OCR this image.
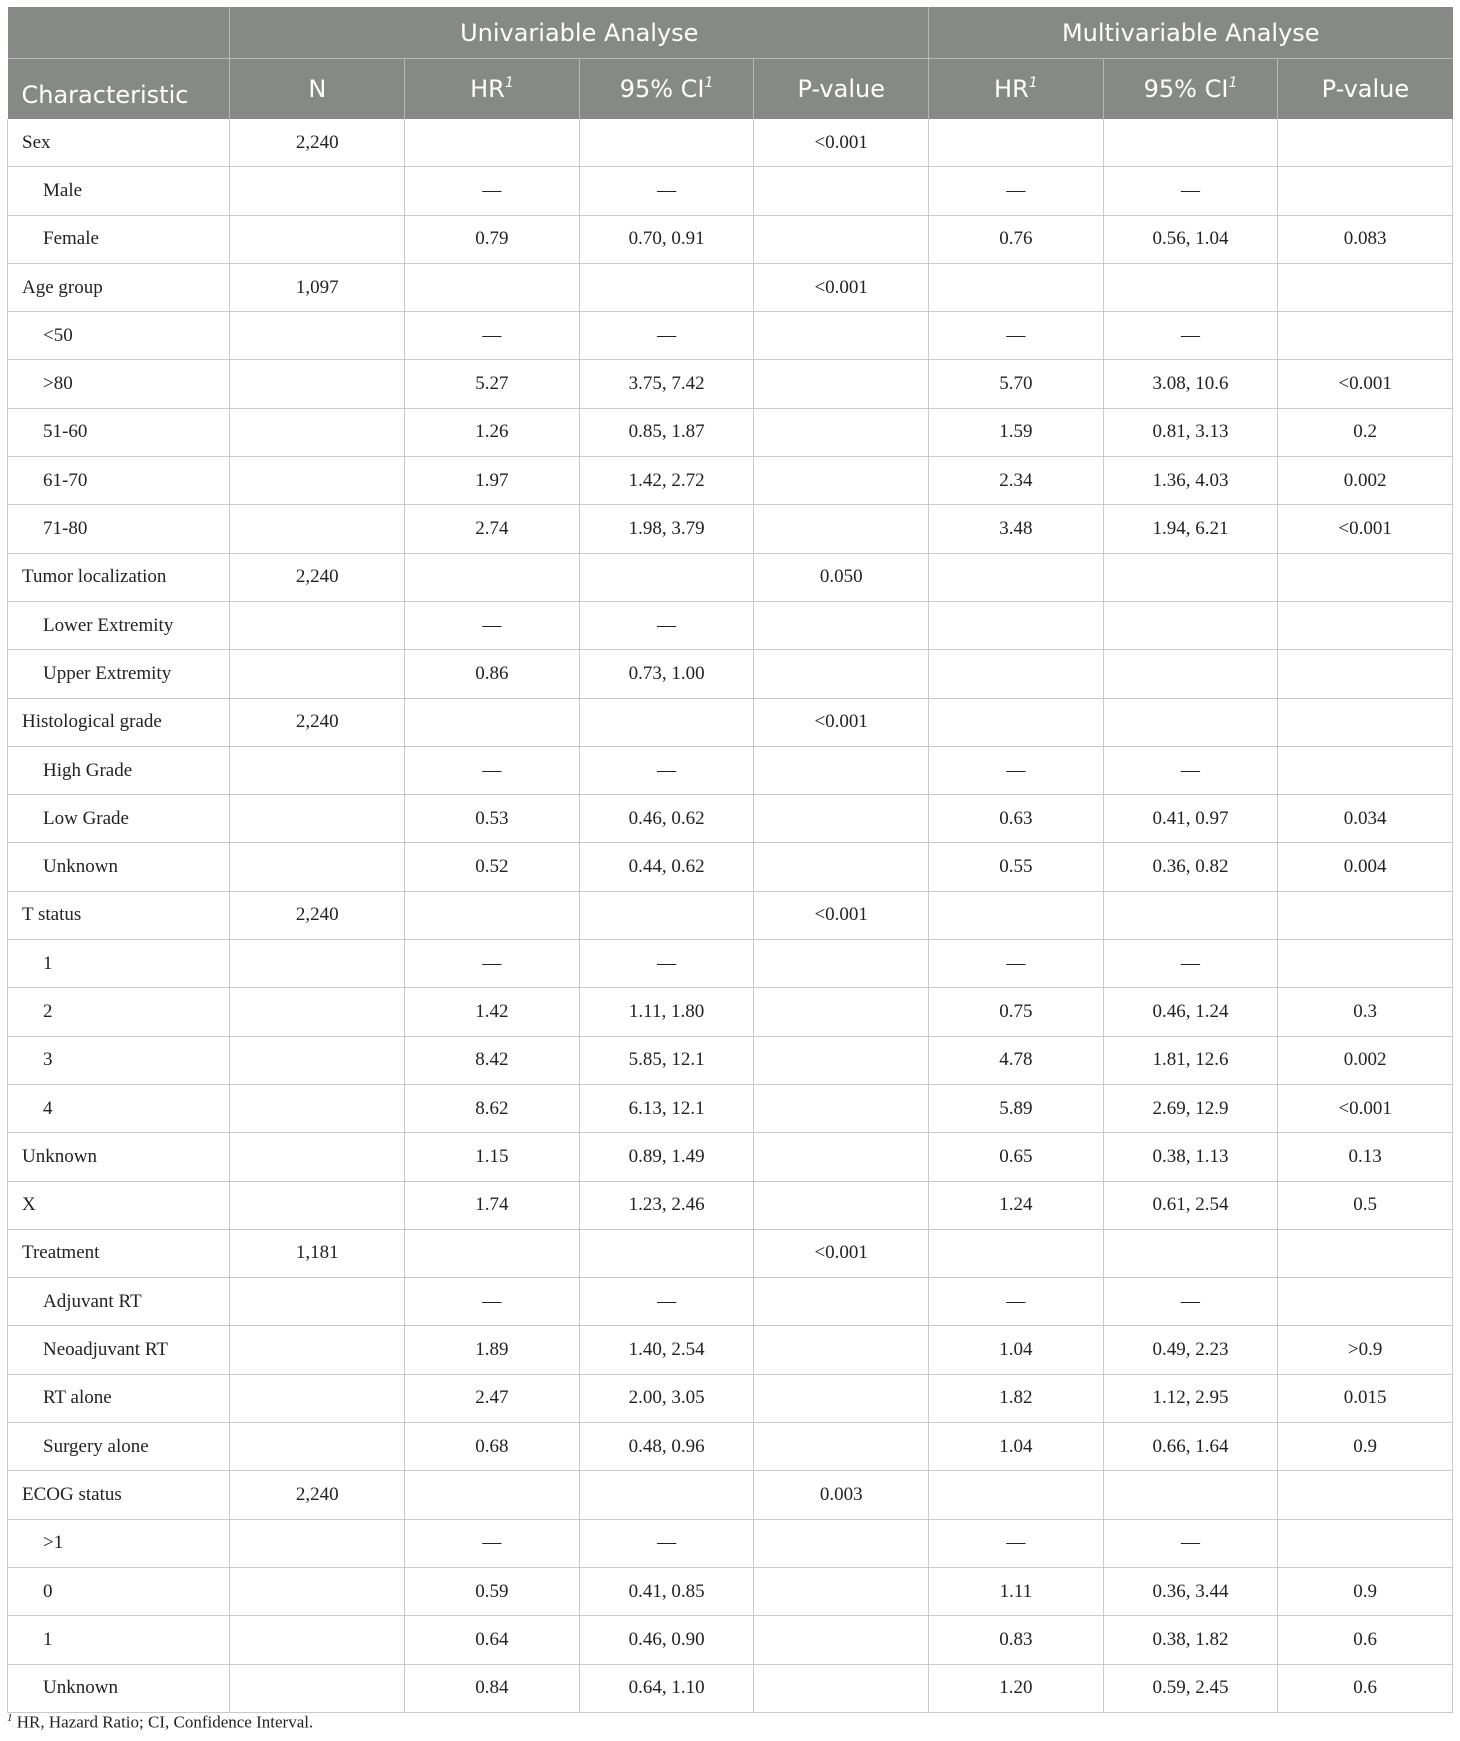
	Univariable Analyse				Multivariable Analyse		
Characteristic	N	$HR^1$	95% $CI^1$	P-value	$HR^1$	95% $CI^1$	P-value
Sex	2,240			<0.001			
Male		—	—		—	—	
Female		0.79	0.70, 0.91		0.76	0.56, 1.04	0.083
Age group	1,097			<0.001			
<50		—	—		—	—	
>80		5.27	3.75, 7.42		5.70	3.08, 10.6	<0.001
51-60		1.26	0.85, 1.87		1.59	0.81, 3.13	0.2
61-70		1.97	1.42, 2.72		2.34	1.36, 4.03	0.002
71-80		2.74	1.98, 3.79		3.48	1.94, 6.21	<0.001
Tumor localization	2,240			0.050			
Lower Extremity		—	—				
Upper Extremity		0.86	0.73, 1.00				
Histological grade	2,240			<0.001			
High Grade		—	—		—	—	
Low Grade		0.53	0.46, 0.62		0.63	0.41, 0.97	0.034
Unknown		0.52	0.44, 0.62		0.55	0.36, 0.82	0.004
T status	2,240			<0.001			
1		—	—		—	—	
2		1.42	1.11, 1.80		0.75	0.46, 1.24	0.3
3		8.42	5.85, 12.1		4.78	1.81, 12.6	0.002
4		8.62	6.13, 12.1		5.89	2.69, 12.9	<0.001
Unknown		1.15	0.89, 1.49		0.65	0.38, 1.13	0.13
X		1.74	1.23, 2.46		1.24	0.61, 2.54	0.5
Treatment	1,181			<0.001			
Adjuvant RT		—	—		—	—	
Neoadjuvant RT		1.89	1.40, 2.54		1.04	0.49, 2.23	>0.9
RT alone		2.47	2.00, 3.05		1.82	1.12, 2.95	0.015
Surgery alone		0.68	0.48, 0.96		1.04	0.66, 1.64	0.9
ECOG status	2,240			0.003			
>1		—	—		—	—	
0		0.59	0.41, 0.85		1.11	0.36, 3.44	0.9
1		0.64	0.46, 0.90		0.83	0.38, 1.82	0.6
Unknown		0.84	0.64, 1.10		1.20	0.59, 2.45	0.6
$^1$ HR, Hazard Ratio; CI, Confidence Interval.
